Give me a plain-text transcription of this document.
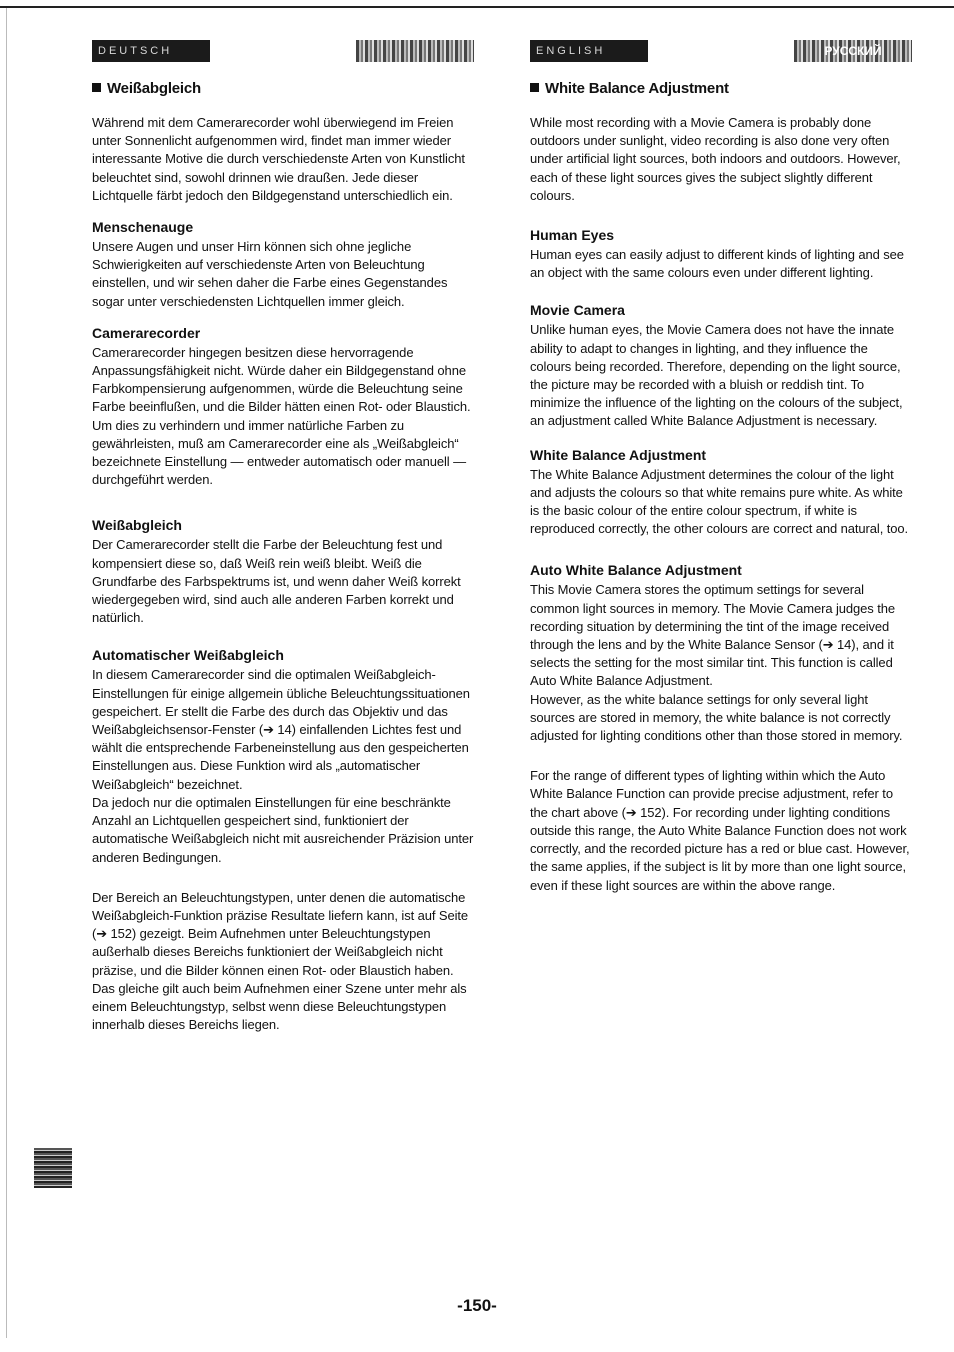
DEUTSCH

Weißabgleich

Während mit dem Camerarecorder wohl überwiegend im Freien unter Sonnenlicht aufgenommen wird, findet man immer wieder interessante Motive die durch verschiedenste Arten von Kunstlicht beleuchtet sind, sowohl drinnen wie draußen. Jede dieser Lichtquelle färbt jedoch den Bildgegenstand unterschiedlich ein.

Menschenauge

Unsere Augen und unser Hirn können sich ohne jegliche Schwierigkeiten auf verschiedenste Arten von Beleuchtung einstellen, und wir sehen daher die Farbe eines Gegenstandes sogar unter verschiedensten Lichtquellen immer gleich.

Camerarecorder

Camerarecorder hingegen besitzen diese hervorragende Anpassungsfähigkeit nicht. Würde daher ein Bildgegenstand ohne Farbkompensierung aufgenommen, würde die Beleuchtung seine Farbe beeinflußen, und die Bilder hätten einen Rot- oder Blaustich. Um dies zu verhindern und immer natürliche Farben zu gewährleisten, muß am Camerarecorder eine als „Weißabgleich“ bezeichnete Einstellung — entweder automatisch oder manuell — durchgeführt werden.

Weißabgleich

Der Camerarecorder stellt die Farbe der Beleuchtung fest und kompensiert diese so, daß Weiß rein weiß bleibt. Weiß die Grundfarbe des Farbspektrums ist, und wenn daher Weiß korrekt wiedergegeben wird, sind auch alle anderen Farben korrekt und natürlich.

Automatischer Weißabgleich

In diesem Camerarecorder sind die optimalen Weißabgleich-Einstellungen für einige allgemein übliche Beleuchtungssituationen gespeichert. Er stellt die Farbe des durch das Objektiv und das Weißabgleichsensor-Fenster (➔ 14) einfallenden Lichtes fest und wählt die entsprechende Farbeneinstellung aus den gespeicherten Einstellungen aus. Diese Funktion wird als „automatischer Weißabgleich“ bezeichnet.

Da jedoch nur die optimalen Einstellungen für eine beschränkte Anzahl an Lichtquellen gespeichert sind, funktioniert der automatische Weißabgleich nicht mit ausreichender Präzision unter anderen Bedingungen.

Der Bereich an Beleuchtungstypen, unter denen die automatische Weißabgleich-Funktion präzise Resultate liefern kann, ist auf Seite (➔ 152) gezeigt. Beim Aufnehmen unter Beleuchtungstypen außerhalb dieses Bereichs funktioniert der Weißabgleich nicht präzise, und die Bilder können einen Rot- oder Blaustich haben. Das gleiche gilt auch beim Aufnehmen einer Szene unter mehr als einem Beleuchtungstyp, selbst wenn diese Beleuchtungstypen innerhalb dieses Bereichs liegen.

ENGLISH	РУССКИЙ
White Balance Adjustment

While most recording with a Movie Camera is probably done outdoors under sunlight, video recording is also done very often under artificial light sources, both indoors and outdoors. However, each of these light sources gives the subject slightly different colours.

Human Eyes

Human eyes can easily adjust to different kinds of lighting and see an object with the same colours even under different lighting.

Movie Camera

Unlike human eyes, the Movie Camera does not have the innate ability to adapt to changes in lighting, and they influence the colours being recorded. Therefore, depending on the light source, the picture may be recorded with a bluish or reddish tint. To minimize the influence of the lighting on the colours of the subject, an adjustment called White Balance Adjustment is necessary.

White Balance Adjustment

The White Balance Adjustment determines the colour of the light and adjusts the colours so that white remains pure white. As white is the basic colour of the entire colour spectrum, if white is reproduced correctly, the other colours are correct and natural, too.

Auto White Balance Adjustment

This Movie Camera stores the optimum settings for several common light sources in memory. The Movie Camera judges the recording situation by determining the tint of the image received through the lens and by the White Balance Sensor (➔ 14), and it selects the setting for the most similar tint. This function is called Auto White Balance Adjustment.

However, as the white balance settings for only several light sources are stored in memory, the white balance is not correctly adjusted for lighting conditions other than those stored in memory.

For the range of different types of lighting within which the Auto White Balance Function can provide precise adjustment, refer to the chart above (➔ 152). For recording under lighting conditions outside this range, the Auto White Balance Function does not work correctly, and the recorded picture has a red or blue cast. However, the same applies, if the subject is lit by more than one light source, even if these light sources are within the above range.

-150-
